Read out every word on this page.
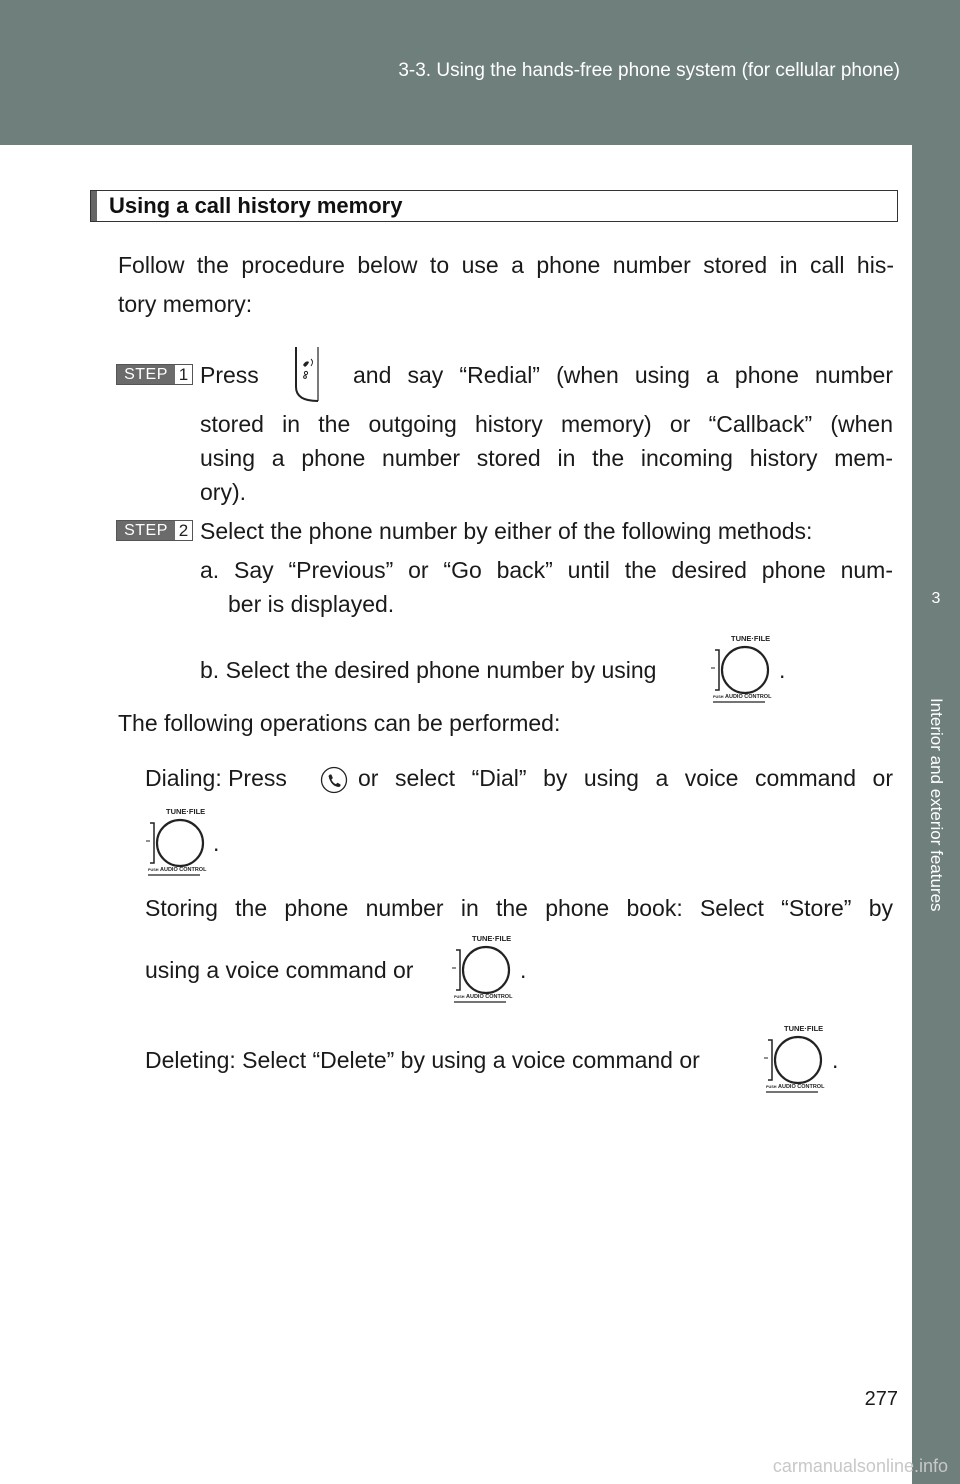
3-3. Using the hands-free phone system (for cellular phone)
3
Interior and exterior features
Using a call history memory
Follow the procedure below to use a phone number stored in call his-
tory memory:
STEP 1 Press	and say “Redial” (when using a phone number
stored in the outgoing history memory) or “Callback” (when
using a phone number stored in the incoming history mem-
ory).
STEP 2 Select the phone number by either of the following methods:
a. Say “Previous” or “Go back” until the desired phone num-
ber is displayed.
b. Select the desired phone number by using
TUNE·FILE
PUSH AUDIO CONTROL
.
The following operations can be performed:
Dialing: Press	or select “Dial” by using a voice command or
TUNE·FILE
PUSH AUDIO CONTROL
.
Storing the phone number in the phone book: Select “Store” by
using a voice command or
TUNE·FILE
PUSH AUDIO CONTROL
.
Deleting: Select “Delete” by using a voice command or
TUNE·FILE
PUSH AUDIO CONTROL
.
277
carmanualsonline.info
